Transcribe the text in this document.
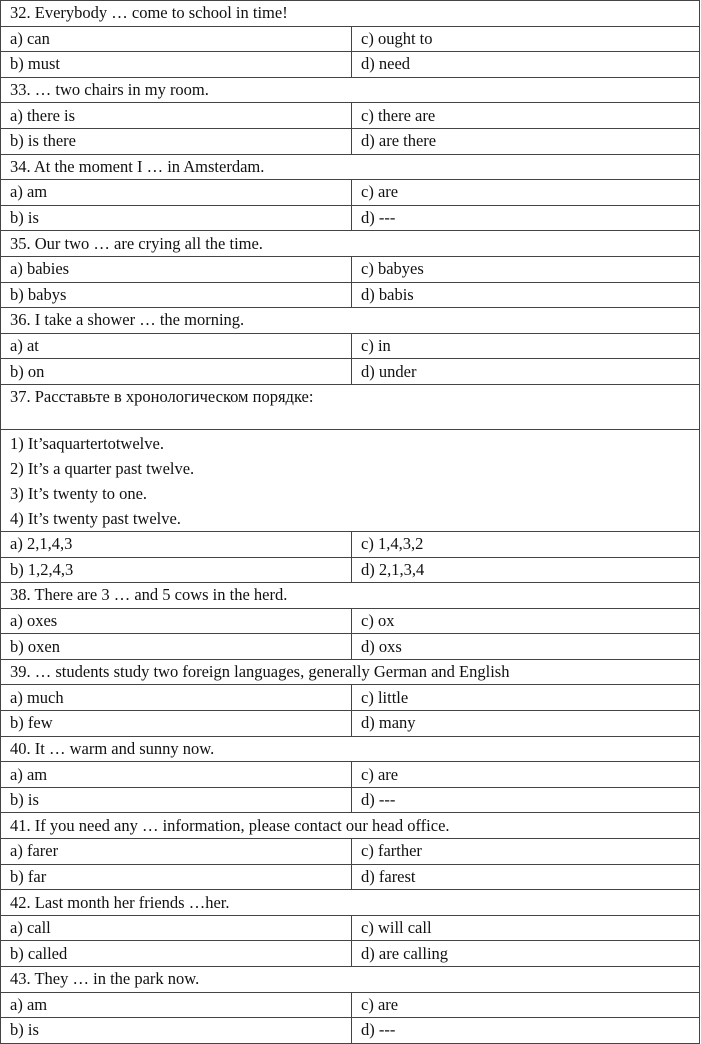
32. Everybody … come to school in time!	
a) can	c) ought to
b) must	d) need
33. … two chairs in my room.	
a) there is	c) there are
b) is there	d) are there
34. At the moment I … in Amsterdam.	
a) am	c) are
b) is	d) ---
35. Our two … are crying all the time.	
a) babies	c) babyes
b) babys	d) babis
36. I take a shower … the morning.	
a) at	c) in
b) on	d) under
37. Расставьте в хронологическом порядке:	

1) It’saquartertotwelve.
2) It’s a quarter past twelve.
3) It’s twenty to one.
4) It’s twenty past twelve.	

a) 2,1,4,3	c) 1,4,3,2
b) 1,2,4,3	d) 2,1,3,4
38. There are 3 … and 5 cows in the herd.	
a) oxes	c) ox
b) oxen	d) oxs
39. … students study two foreign languages, generally German and English	
a) much	c) little
b) few	d) many
40. It … warm and sunny now.	
a) am	c) are
b) is	d) ---
41. If you need any … information, please contact our head office.	
a) farer	c) farther
b) far	d) farest
42. Last month her friends …her.	
a) call	c) will call
b) called	d) are calling
43. They … in the park now.	
a) am	c) are
b) is	d) ---
